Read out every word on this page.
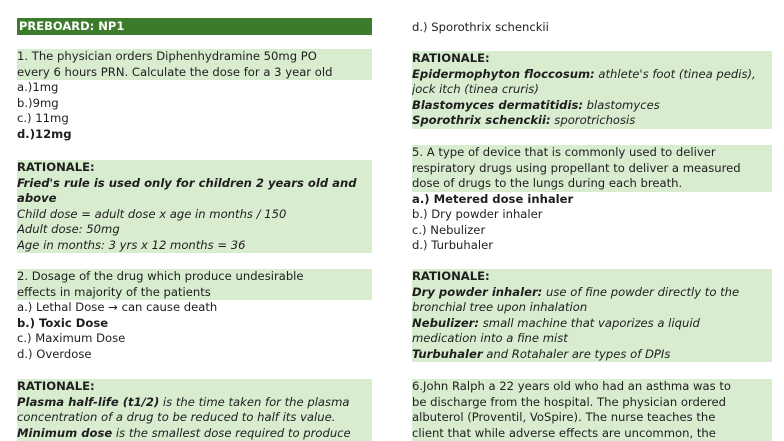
PREBOARD: NP1
1. The physician orders Diphenhydramine 50mg PO
every 6 hours PRN. Calculate the dose for a 3 year old
a.)1mg
b.)9mg
c.) 11mg
d.)12mg
RATIONALE:
Fried's rule is used only for children 2 years old and
above
Child dose = adult dose x age in months / 150
Adult dose: 50mg
Age in months: 3 yrs x 12 months = 36
2. Dosage of the drug which produce undesirable
effects in majority of the patients
a.) Lethal Dose → can cause death
b.) Toxic Dose
c.) Maximum Dose
d.) Overdose
RATIONALE:
Plasma half-life (t1/2) is the time taken for the plasma
concentration of a drug to be reduced to half its value.
Minimum dose is the smallest dose required to produce
d.) Sporothrix schenckii
RATIONALE:
Epidermophyton floccosum: athlete's foot (tinea pedis),
jock itch (tinea cruris)
Blastomyces dermatitidis: blastomyces
Sporothrix schenckii: sporotrichosis
5. A type of device that is commonly used to deliver
respiratory drugs using propellant to deliver a measured
dose of drugs to the lungs during each breath.
a.) Metered dose inhaler
b.) Dry powder inhaler
c.) Nebulizer
d.) Turbuhaler
RATIONALE:
Dry powder inhaler: use of fine powder directly to the
bronchial tree upon inhalation
Nebulizer: small machine that vaporizes a liquid
medication into a fine mist
Turbuhaler and Rotahaler are types of DPIs
6.John Ralph a 22 years old who had an asthma was to
be discharge from the hospital. The physician ordered
albuterol (Proventil, VoSpire). The nurse teaches the
client that while adverse effects are uncommon, the
